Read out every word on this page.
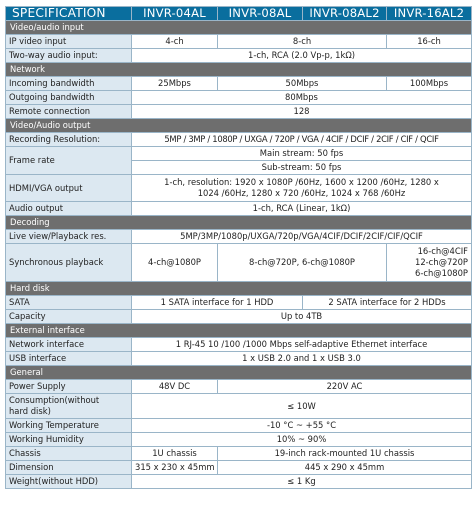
SPECIFICATION	INVR-04AL	INVR-08AL	INVR-08AL2	INVR-16AL2
Video/audio input				
IP video input	4-ch	8-ch		16-ch
Two-way audio input:	1-ch, RCA (2.0 Vp-p, 1kΩ)			
Network				
Incoming bandwidth	25Mbps	50Mbps		100Mbps
Outgoing bandwidth	80Mbps			
Remote connection	128			
Video/Audio output				
Recording Resolution:	5MP / 3MP / 1080P / UXGA / 720P / VGA / 4CIF / DCIF / 2CIF / CIF / QCIF			
Frame rate	Main stream: 50 fps			
	Sub-stream: 50 fps			
HDMI/VGA output	1-ch, resolution: 1920 x 1080P /60Hz, 1600 x 1200 /60Hz, 1280 x
1024 /60Hz, 1280 x 720 /60Hz, 1024 x 768 /60Hz			

Audio output	1-ch, RCA (Linear, 1kΩ)			
Decoding				
Live view/Playback res.	5MP/3MP/1080p/UXGA/720p/VGA/4CIF/DCIF/2CIF/CIF/QCIF			
Synchronous playback	4-ch@1080P	8-ch@720P, 6-ch@1080P		16-ch@4CIF
12-ch@720P
6-ch@1080P

Hard disk				
SATA	1 SATA interface for 1 HDD		2 SATA interface for 2 HDDs	
Capacity	Up to 4TB			
External interface				
Network interface	1 RJ-45 10 /100 /1000 Mbps self-adaptive Ethernet interface			
USB interface	1 x USB 2.0 and 1 x USB 3.0			
General				
Power Supply	48V DC	220V AC		

Consumption(without
hard disk)	≤ 10W			
Working Temperature	-10 °C ~ +55 °C			
Working Humidity	10% ~ 90%			
Chassis	1U chassis	19-inch rack-mounted 1U chassis		
Dimension	315 x 230 x 45mm	445 x 290 x 45mm		
Weight(without HDD)	≤ 1 Kg			
